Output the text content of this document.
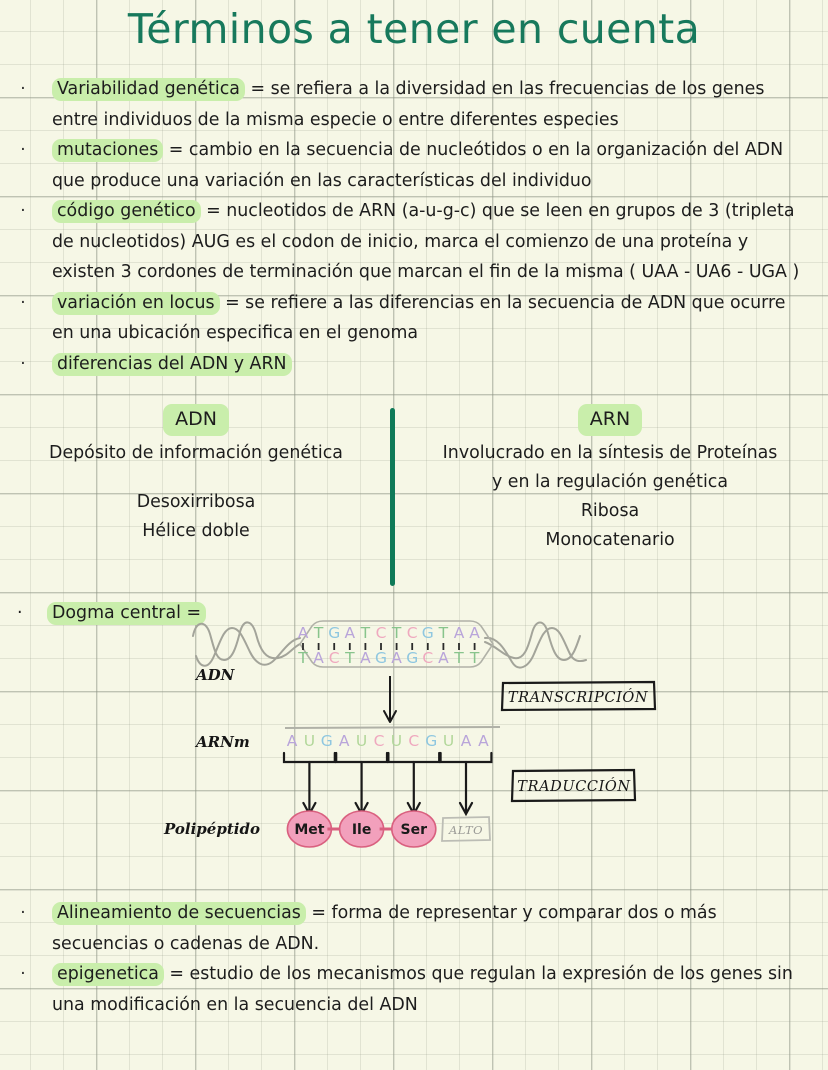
Términos a tener en cuenta
· Variabilidad genética = se refiera a la diversidad en las frecuencias de los genes entre individuos de la misma especie o entre diferentes especies
· mutaciones = cambio en la secuencia de nucleótidos o en la organización del ADN que produce una variación en las características del individuo
· código genético = nucleotidos de ARN (a-u-g-c) que se leen en grupos de 3 (tripleta de nucleotidos) AUG es el codon de inicio, marca el comienzo de una proteína y existen 3 cordones de terminación que marcan el fin de la misma ( UAA - UA6 - UGA )
· variación en locus = se refiere a las diferencias en la secuencia de ADN que ocurre en una ubicación especifica en el genoma
· diferencias del ADN y ARN
ADN

Depósito de información genética

Desoxirribosa

Hélice doble

ARN

Involucrado en la síntesis de Proteínas

y en la regulación genética

Ribosa

Monocatenario

· Dogma central =
ADN
A T G A T C T C G T A A
T A C T A G A G C A T T
TRANSCRIPCIÓN
ARNm A U G A U C U C G U A A
TRADUCCIÓN
Polipéptido Met Ile Ser ALTO
· Alineamiento de secuencias = forma de representar y comparar dos o más secuencias o cadenas de ADN.
· epigenetica = estudio de los mecanismos que regulan la expresión de los genes sin una modificación en la secuencia del ADN
